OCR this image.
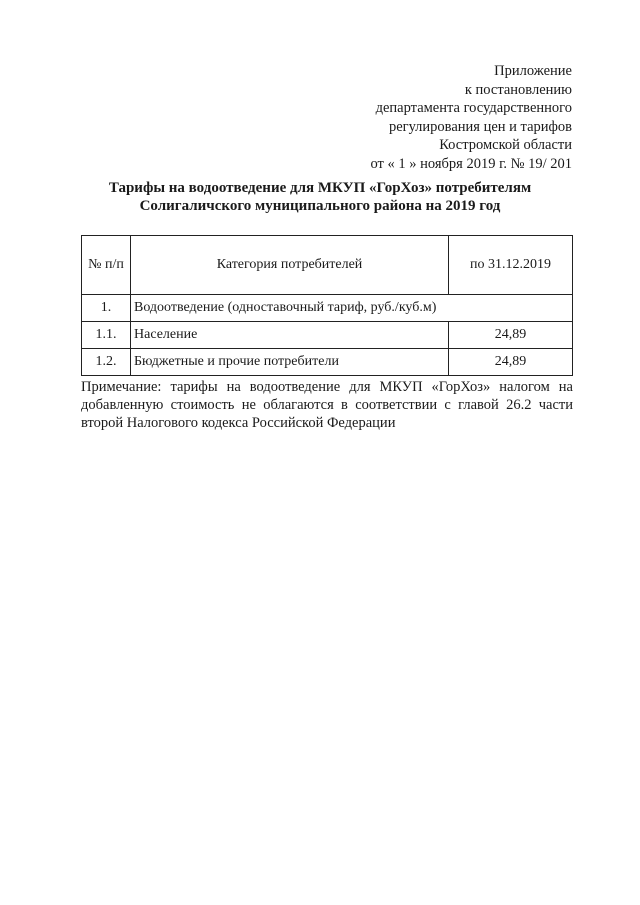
Приложение
к постановлению
департамента государственного
регулирования цен и тарифов
Костромской области
от « 1 » ноября 2019 г. № 19/ 201
Тарифы на водоотведение для МКУП «ГорХоз» потребителям
Солигаличского муниципального района на 2019 год
№ п/п	Категория потребителей	по 31.12.2019
1.	Водоотведение (одноставочный тариф, руб./куб.м)	
1.1.	Население	24,89
1.2.	Бюджетные и прочие потребители	24,89
Примечание: тарифы на водоотведение для МКУП «ГорХоз» налогом на добавленную стоимость не облагаются в соответствии с главой 26.2 части второй Налогового кодекса Российской Федерации
